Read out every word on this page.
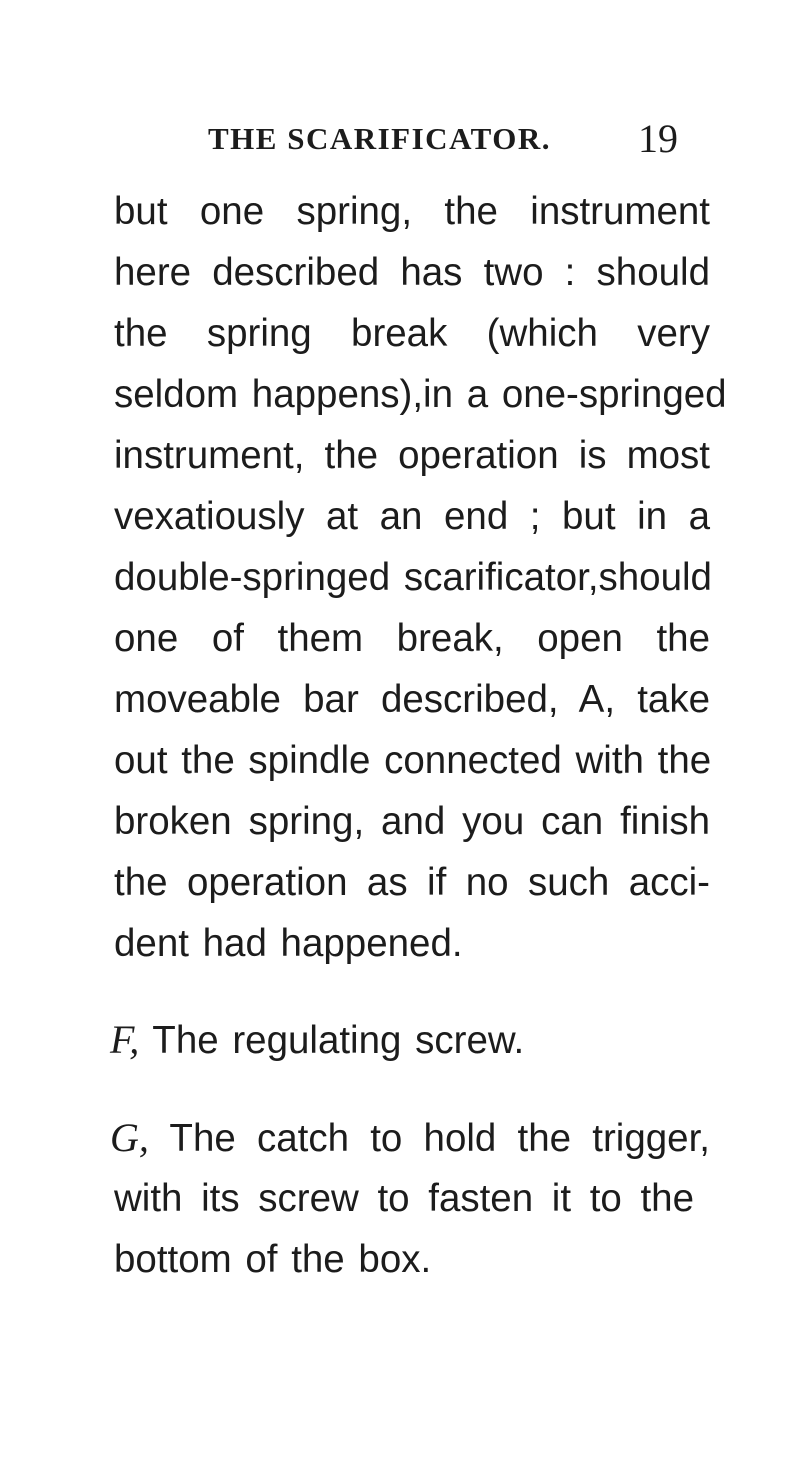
THE SCARIFICATOR. 19
but one spring, the instrument
here described has two : should
the spring break (which very
seldom happens),in a one-springed
instrument, the operation is most
vexatiously at an end ; but in a
double-springed scarificator,should
one of them break, open the
moveable bar described, A, take
out the spindle connected with the
broken spring, and you can finish
the operation as if no such acci-
dent had happened.
F, The regulating screw.
G, The catch to hold the trigger,
with its screw to fasten it to the
bottom of the box.
